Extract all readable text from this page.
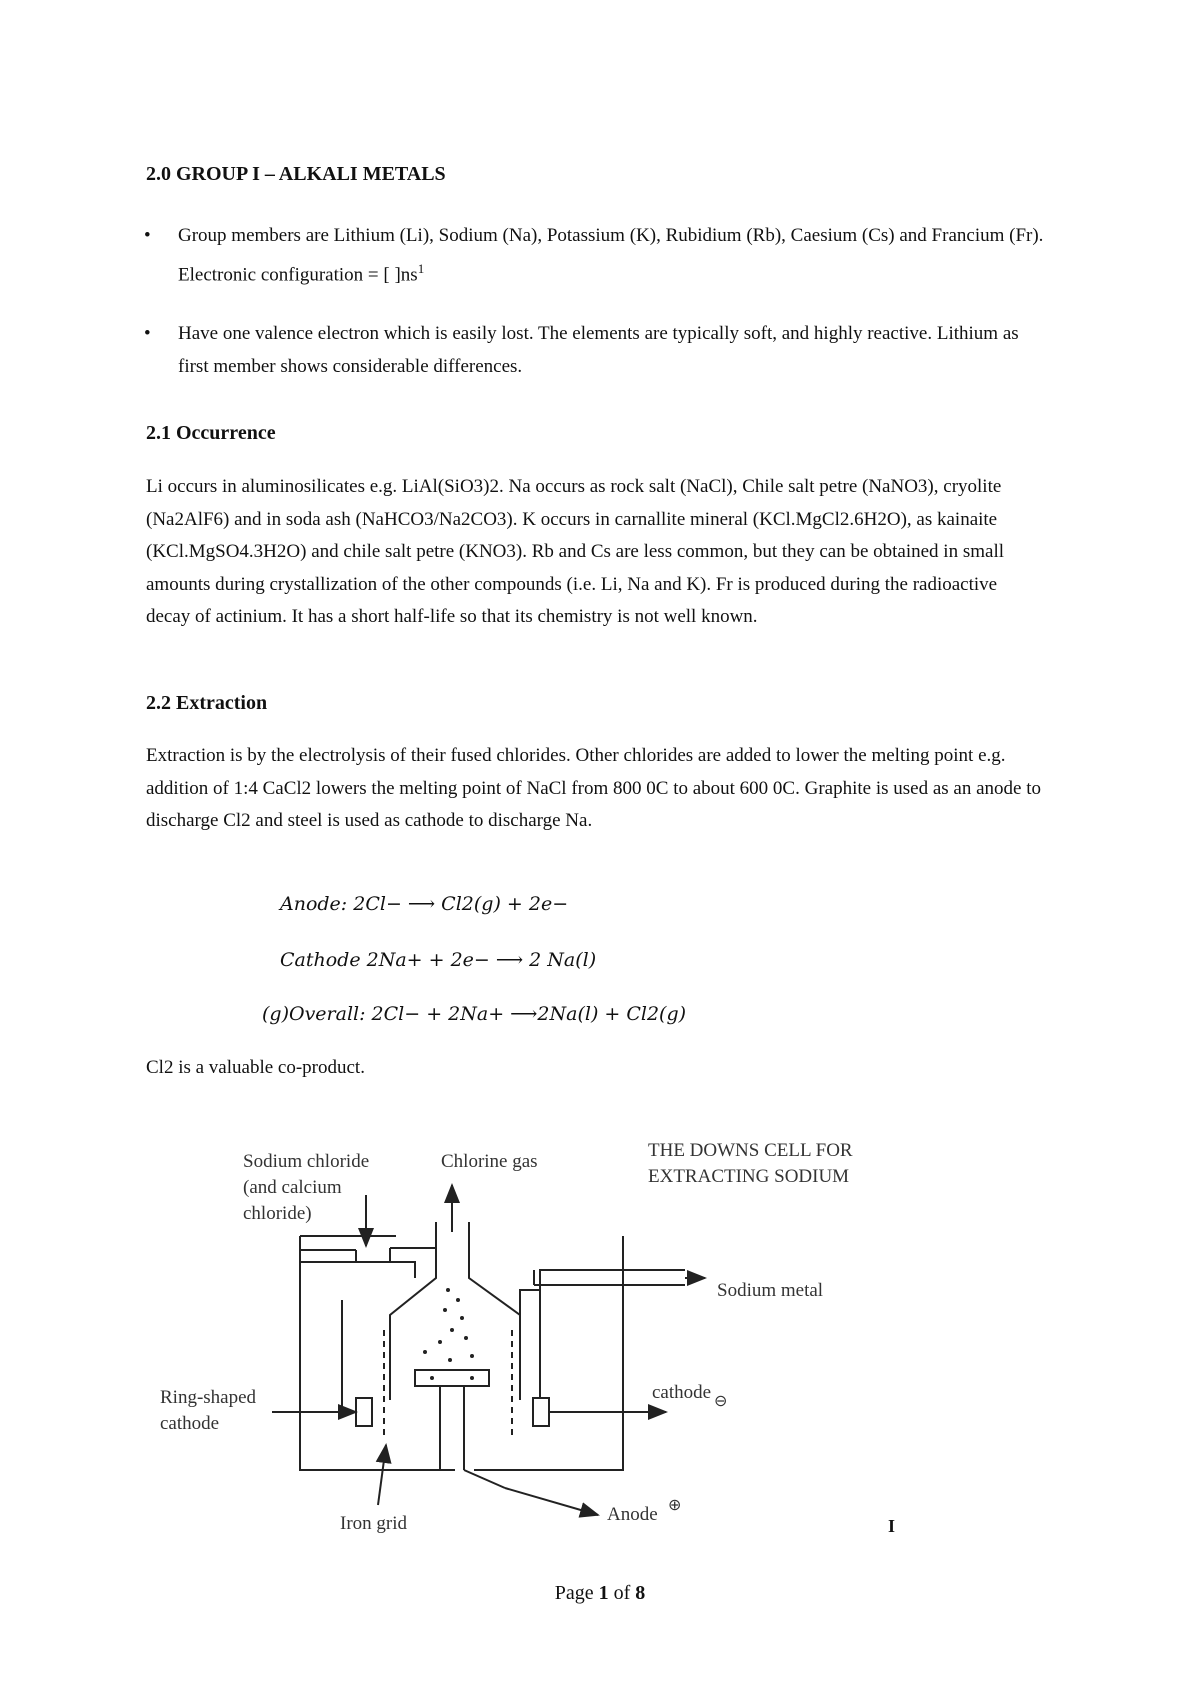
2.0 GROUP I – ALKALI METALS

• Group members are Lithium (Li), Sodium (Na), Potassium (K), Rubidium (Rb), Caesium (Cs) and Francium (Fr). Electronic configuration = [ ]$ns^1$

• Have one valence electron which is easily lost. The elements are typically soft, and highly reactive. Lithium as first member shows considerable differences.

2.1 Occurrence

Li occurs in aluminosilicates e.g. LiAl(SiO3)2. Na occurs as rock salt (NaCl), Chile salt petre (NaNO3), cryolite (Na2AlF6) and in soda ash (NaHCO3/Na2CO3). K occurs in carnallite mineral (KCl.MgCl2.6H2O), as kainaite (KCl.MgSO4.3H2O) and chile salt petre (KNO3). Rb and Cs are less common, but they can be obtained in small amounts during crystallization of the other compounds (i.e. Li, Na and K). Fr is produced during the radioactive decay of actinium. It has a short half-life so that its chemistry is not well known.

2.2 Extraction

Extraction is by the electrolysis of their fused chlorides. Other chlorides are added to lower the melting point e.g. addition of 1:4 CaCl2 lowers the melting point of NaCl from 800 0C to about 600 0C. Graphite is used as an anode to discharge Cl2 and steel is used as cathode to discharge Na.

Anode: 2Cl− ⟶ Cl2(g) + 2e−

Cathode 2Na+ + 2e− ⟶ 2 Na(l)

(g)Overall: 2Cl− + 2Na+ ⟶2Na(l) + Cl2(g)

Cl2 is a valuable co-product.

Sodium chloride
(and calcium
chloride)
Chlorine gas
THE DOWNS CELL FOR
EXTRACTING SODIUM
Sodium metal
cathode ⊖
Ring-shaped
cathode
Iron grid	Anode ⊕
I

Page 1 of 8
